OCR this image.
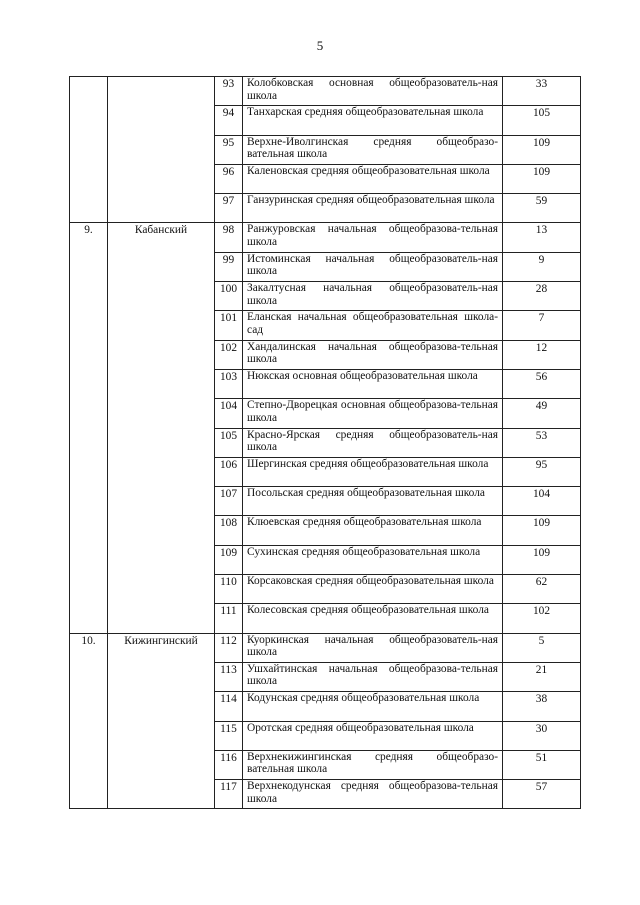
5
		93	Колобковская основная общеобразователь-ная школа	33
		94	Танхарская средняя общеобразовательная школа	105
		95	Верхне-Иволгинская средняя общеобразо-вательная школа	109
		96	Каленовская средняя общеобразовательная школа	109
		97	Ганзуринская средняя общеобразовательная школа	59
9.	Кабанский	98	Ранжуровская начальная общеобразова-тельная школа	13
		99	Истоминская начальная общеобразователь-ная школа	9
		100	Закалтусная начальная общеобразователь-ная школа	28
		101	Еланская начальная общеобразовательная школа-сад	7
		102	Хандалинская начальная общеобразова-тельная школа	12
		103	Нюкская основная общеобразовательная школа	56
		104	Степно-Дворецкая основная общеобразова-тельная школа	49
		105	Красно-Ярская средняя общеобразователь-ная школа	53
		106	Шергинская средняя общеобразовательная школа	95
		107	Посольская средняя общеобразовательная школа	104
		108	Клюевская средняя общеобразовательная школа	109
		109	Сухинская средняя общеобразовательная школа	109
		110	Корсаковская средняя общеобразовательная школа	62
		111	Колесовская средняя общеобразовательная школа	102
10.	Кижингинский	112	Куоркинская начальная общеобразователь-ная школа	5
		113	Ушхайтинская начальная общеобразова-тельная школа	21
		114	Кодунская средняя общеобразовательная школа	38
		115	Оротская средняя общеобразовательная школа	30
		116	Верхнекижингинская средняя общеобразо-вательная школа	51
		117	Верхнекодунская средняя общеобразова-тельная школа	57
